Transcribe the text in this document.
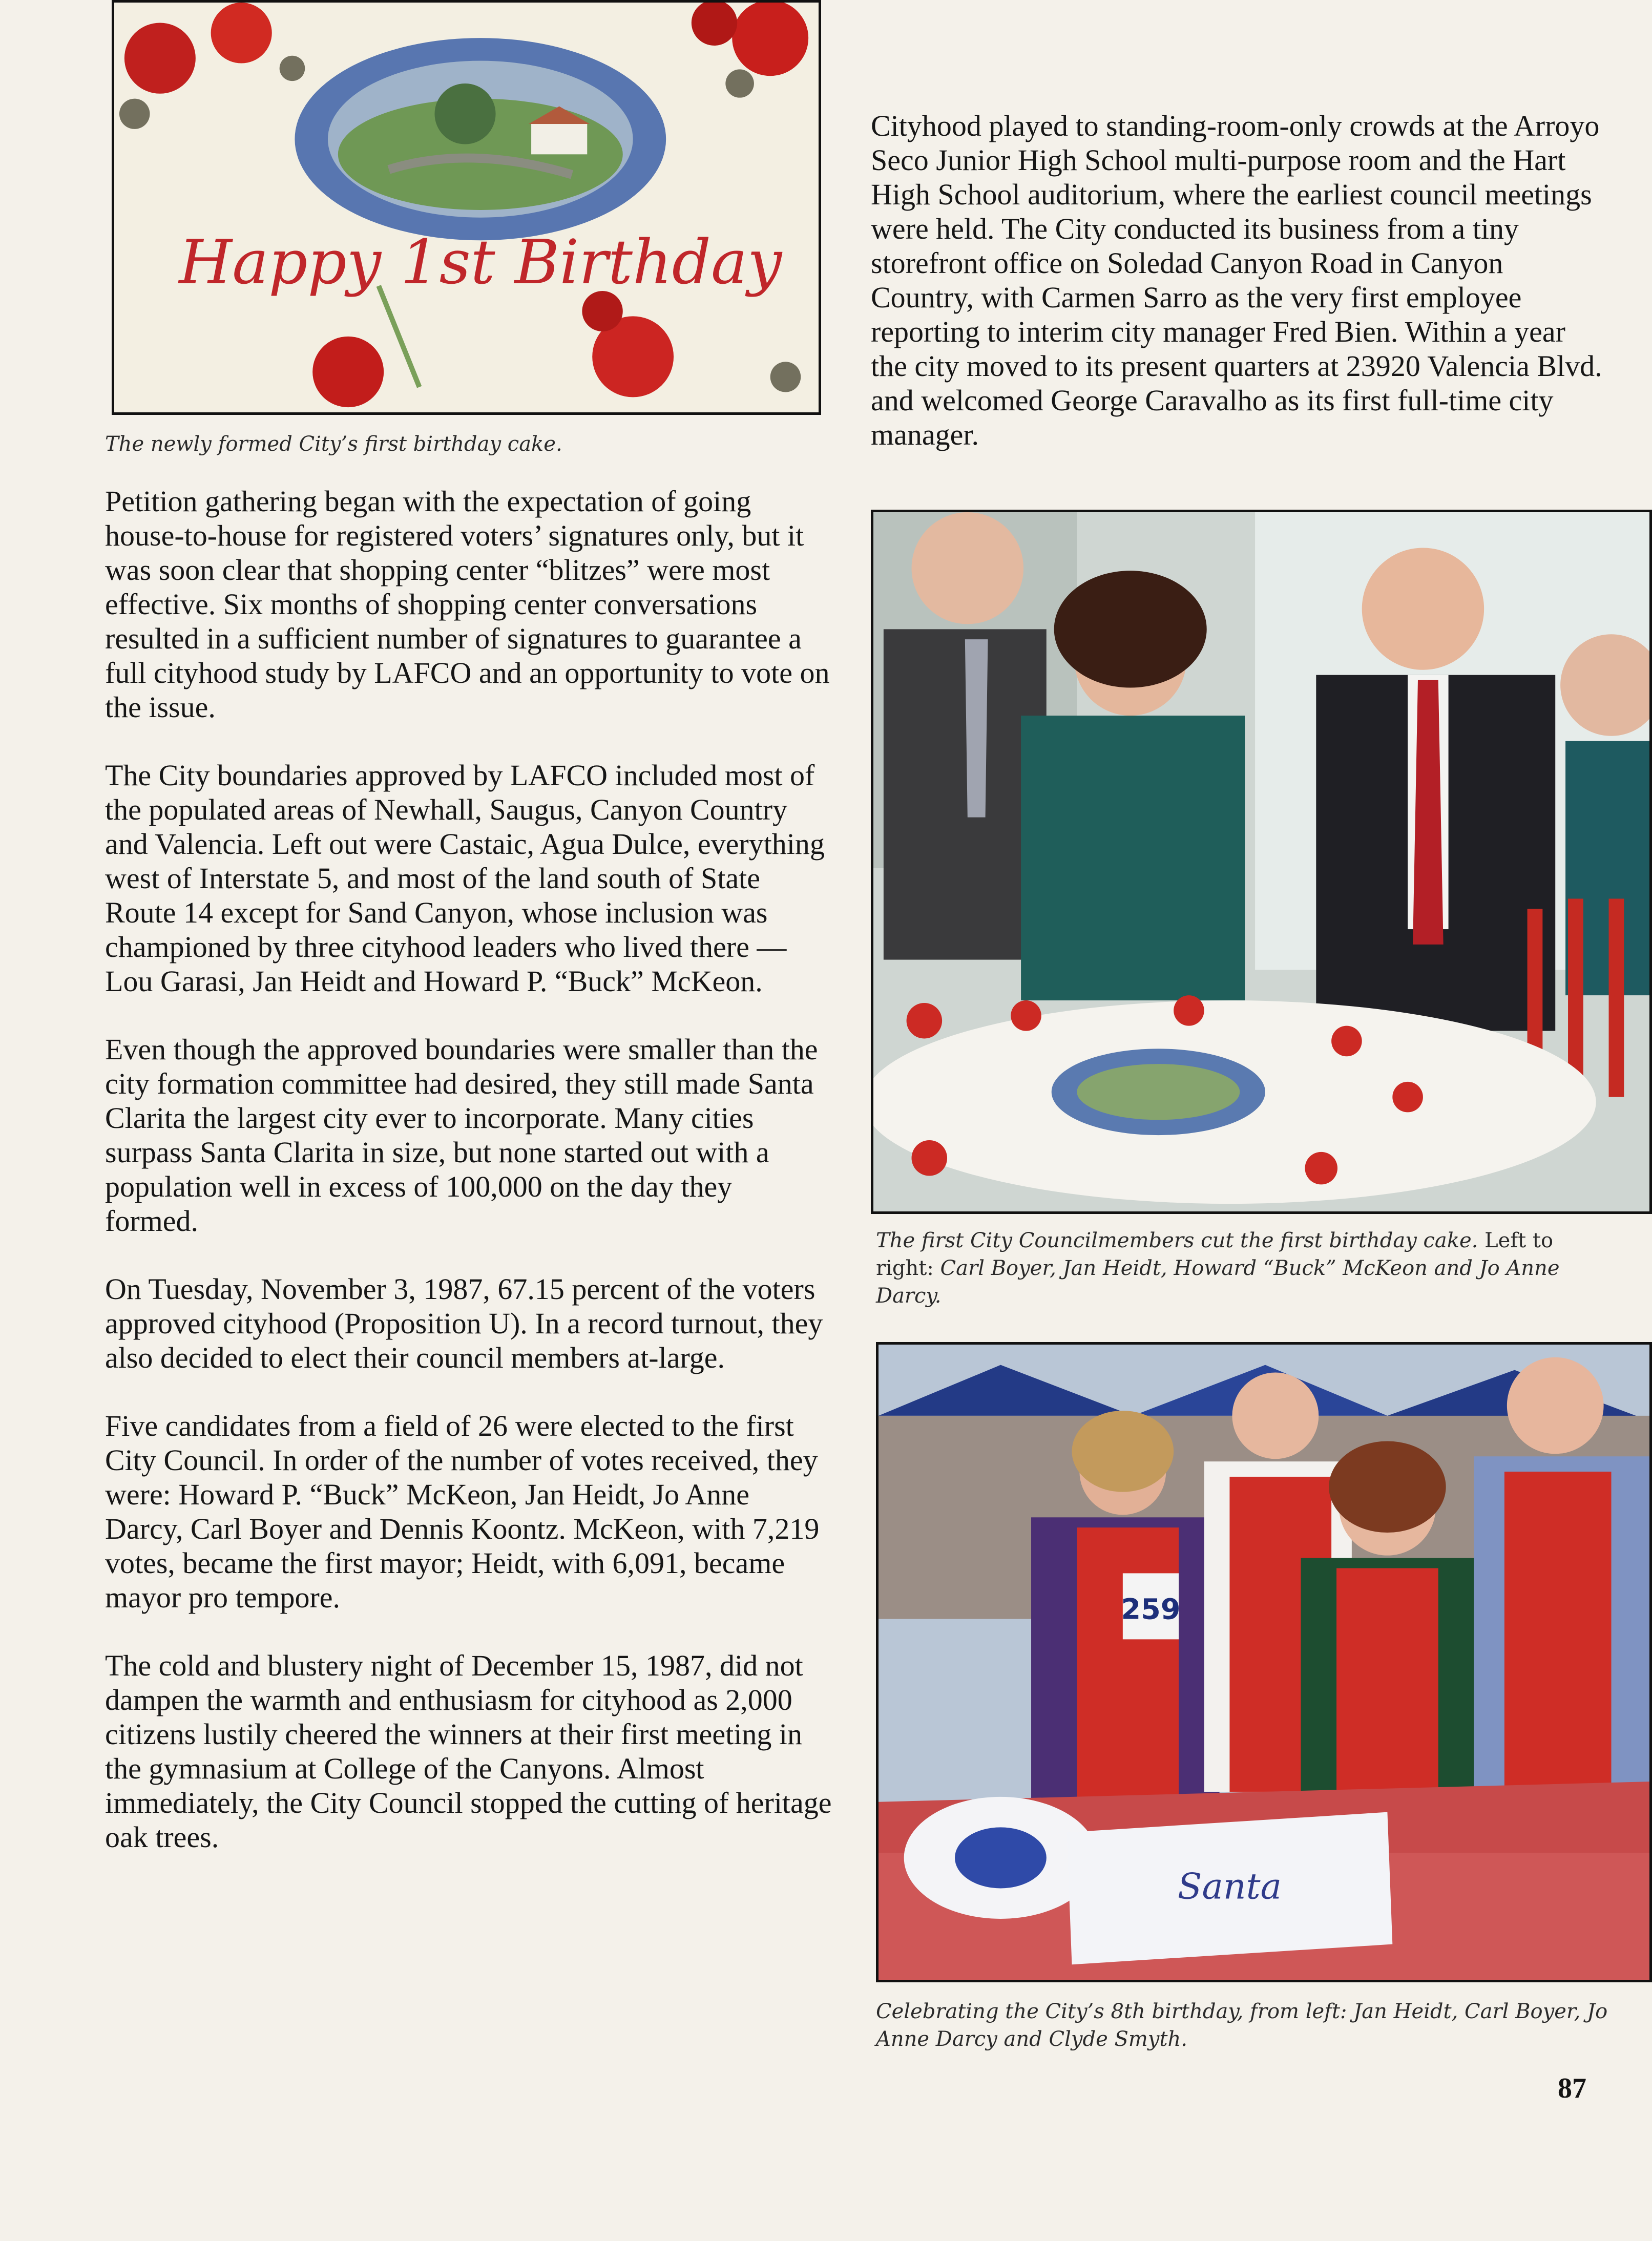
Happy 1st Birthday
The newly formed City’s first birthday cake.

Petition gathering began with the expectation of going house-to-house for registered voters’ signatures only, but it was soon clear that shopping center “blitzes” were most effective. Six months of shopping center conversations resulted in a sufficient number of signatures to guarantee a full cityhood study by LAFCO and an opportunity to vote on the issue.

The City boundaries approved by LAFCO included most of the populated areas of Newhall, Saugus, Canyon Country and Valencia. Left out were Castaic, Agua Dulce, everything west of Interstate 5, and most of the land south of State Route 14 except for Sand Canyon, whose inclusion was championed by three cityhood leaders who lived there — Lou Garasi, Jan Heidt and Howard P. “Buck” McKeon.

Even though the approved boundaries were smaller than the city formation committee had desired, they still made Santa Clarita the largest city ever to incorporate. Many cities surpass Santa Clarita in size, but none started out with a population well in excess of 100,000 on the day they formed.

On Tuesday, November 3, 1987, 67.15 percent of the voters approved cityhood (Proposition U). In a record turnout, they also decided to elect their council members at-large.

Five candidates from a field of 26 were elected to the first City Council. In order of the number of votes received, they were: Howard P. “Buck” McKeon, Jan Heidt, Jo Anne Darcy, Carl Boyer and Dennis Koontz. McKeon, with 7,219 votes, became the first mayor; Heidt, with 6,091, became mayor pro tempore.

The cold and blustery night of December 15, 1987, did not dampen the warmth and enthusiasm for cityhood as 2,000 citizens lustily cheered the winners at their first meeting in the gymnasium at College of the Canyons. Almost immediately, the City Council stopped the cutting of heritage oak trees.

Cityhood played to standing-room-only crowds at the Arroyo Seco Junior High School multi-purpose room and the Hart High School auditorium, where the earliest council meetings were held. The City conducted its business from a tiny storefront office on Soledad Canyon Road in Canyon Country, with Carmen Sarro as the very first employee reporting to interim city manager Fred Bien. Within a year the city moved to its present quarters at 23920 Valencia Blvd. and welcomed George Caravalho as its first full-time city manager.

The first City Councilmembers cut the first birthday cake. Left to right: Carl Boyer, Jan Heidt, Howard “Buck” McKeon and Jo Anne Darcy.
259
Santa
Celebrating the City’s 8th birthday, from left: Jan Heidt, Carl Boyer, Jo Anne Darcy and Clyde Smyth.
87
